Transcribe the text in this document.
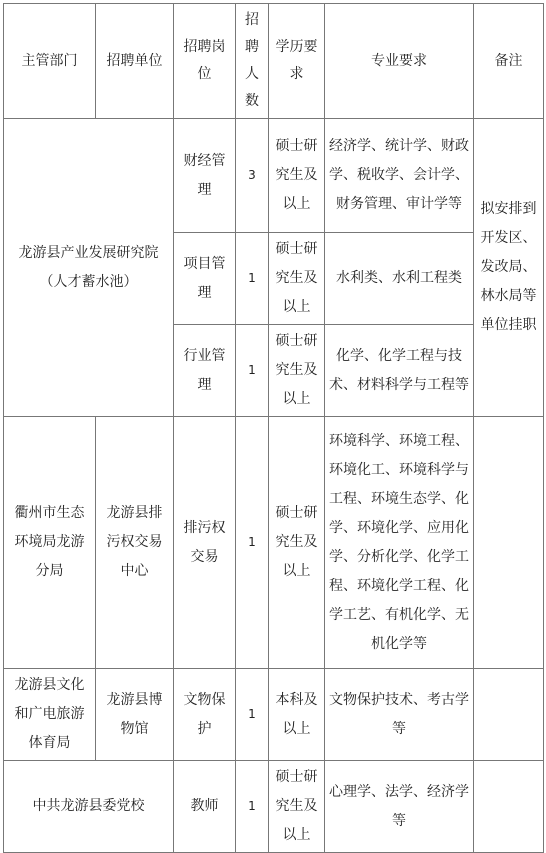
主管部门	招聘单位	招聘岗位	招聘人数	学历要求	专业要求	备注
龙游县产业发展研究院（人才蓄水池）		财经管理	3	硕士研究生及以上	经济学、统计学、财政学、税收学、会计学、财务管理、审计学等	拟安排到开发区、发改局、林水局等单位挂职
		项目管理	1	硕士研究生及以上	水利类、水利工程类	
		行业管理	1	硕士研究生及以上	化学、化学工程与技术、材料科学与工程等	
衢州市生态环境局龙游分局	龙游县排污权交易中心	排污权交易	1	硕士研究生及以上	环境科学、环境工程、环境化工、环境科学与工程、环境生态学、化学、环境化学、应用化学、分析化学、化学工程、环境化学工程、化学工艺、有机化学、无机化学等	
龙游县文化和广电旅游体育局	龙游县博物馆	文物保护	1	本科及以上	文物保护技术、考古学等	
中共龙游县委党校		教师	1	硕士研究生及以上	心理学、法学、经济学等	
